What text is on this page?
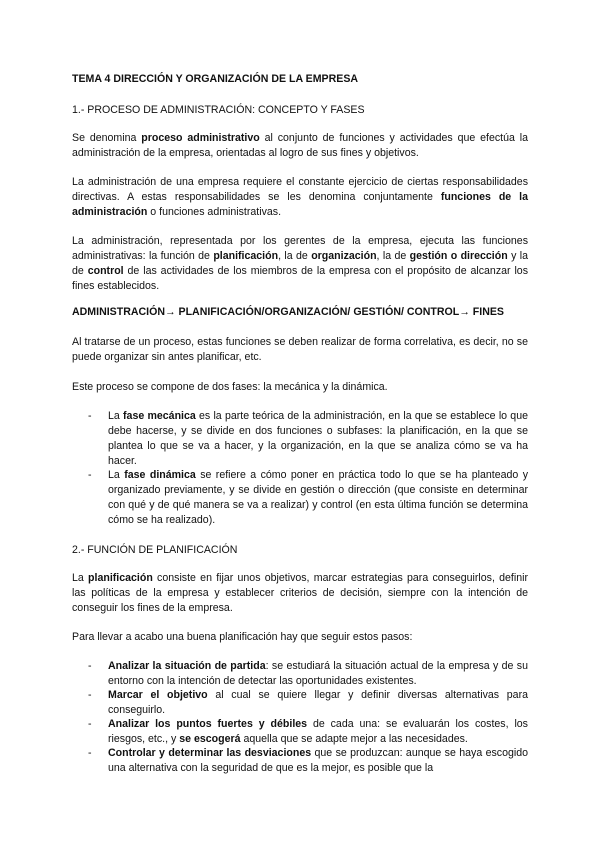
TEMA 4 DIRECCIÓN Y ORGANIZACIÓN DE LA EMPRESA
1.- PROCESO DE ADMINISTRACIÓN: CONCEPTO Y FASES

Se denomina proceso administrativo al conjunto de funciones y actividades que efectúa la administración de la empresa, orientadas al logro de sus fines y objetivos.

La administración de una empresa requiere el constante ejercicio de ciertas responsabilidades directivas. A estas responsabilidades se les denomina conjuntamente funciones de la administración o funciones administrativas.

La administración, representada por los gerentes de la empresa, ejecuta las funciones administrativas: la función de planificación, la de organización, la de gestión o dirección y la de control de las actividades de los miembros de la empresa con el propósito de alcanzar los fines establecidos.

ADMINISTRACIÓN→ PLANIFICACIÓN/ORGANIZACIÓN/ GESTIÓN/ CONTROL→ FINES

Al tratarse de un proceso, estas funciones se deben realizar de forma correlativa, es decir, no se puede organizar sin antes planificar, etc.

Este proceso se compone de dos fases: la mecánica y la dinámica.

- La fase mecánica es la parte teórica de la administración, en la que se establece lo que debe hacerse, y se divide en dos funciones o subfases: la planificación, en la que se plantea lo que se va a hacer, y la organización, en la que se analiza cómo se va ha hacer.

- La fase dinámica se refiere a cómo poner en práctica todo lo que se ha planteado y organizado previamente, y se divide en gestión o dirección (que consiste en determinar con qué y de qué manera se va a realizar) y control (en esta última función se determina cómo se ha realizado).

2.- FUNCIÓN DE PLANIFICACIÓN

La planificación consiste en fijar unos objetivos, marcar estrategias para conseguirlos, definir las políticas de la empresa y establecer criterios de decisión, siempre con la intención de conseguir los fines de la empresa.

Para llevar a acabo una buena planificación hay que seguir estos pasos:

- Analizar la situación de partida: se estudiará la situación actual de la empresa y de su entorno con la intención de detectar las oportunidades existentes.

- Marcar el objetivo al cual se quiere llegar y definir diversas alternativas para conseguirlo.

- Analizar los puntos fuertes y débiles de cada una: se evaluarán los costes, los riesgos, etc., y se escogerá aquella que se adapte mejor a las necesidades.

- Controlar y determinar las desviaciones que se produzcan: aunque se haya escogido una alternativa con la seguridad de que es la mejor, es posible que la
